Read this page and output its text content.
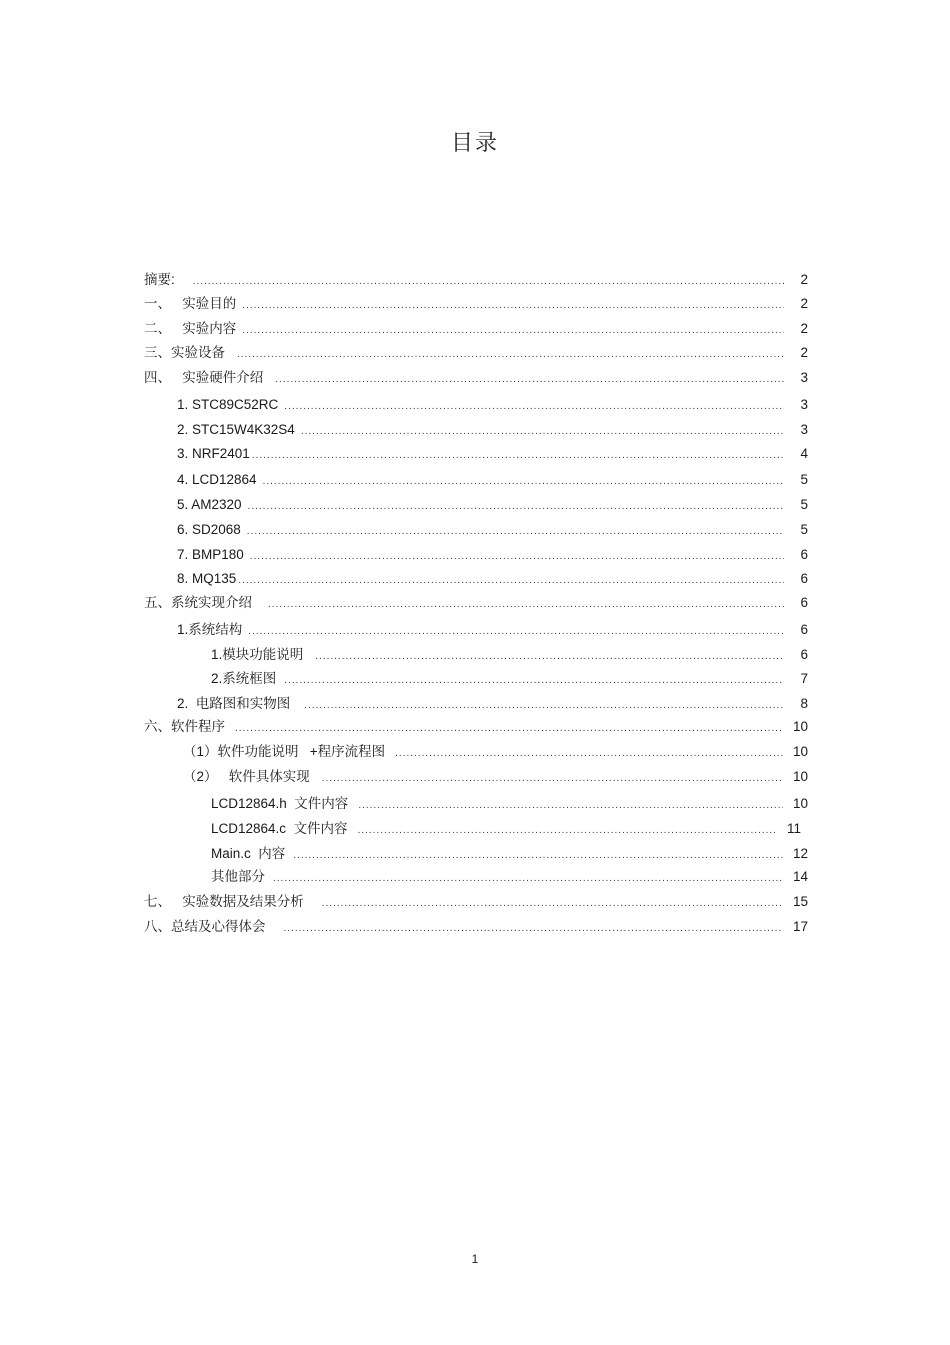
目录
摘要: .....	2
一、   实验目的 .....	2
二、   实验内容 .....	2
三、实验设备 .....	2
四、   实验硬件介绍 .....	3
1. STC89C52RC .....	3
2. STC15W4K32S4 .....	3
3. NRF2401 .....	4
4. LCD12864 .....	5
5. AM2320 .....	5
6. SD2068 .....	5
7. BMP180 .....	6
8. MQ135 .....	6
五、系统实现介绍 .....	6
1.系统结构 .....	6
1.模块功能说明 .....	6
2.系统框图 .....	7
2.  电路图和实物图 .....	8
六、软件程序 .....	10
（1）软件功能说明   +程序流程图 .....	10
（2）   软件具体实现 .....	10
LCD12864.h  文件内容 .....	10
LCD12864.c  文件内容 .....	11
Main.c  内容 .....	12
其他部分 .....	14
七、   实验数据及结果分析 .....	15
八、总结及心得体会 .....	17
1
